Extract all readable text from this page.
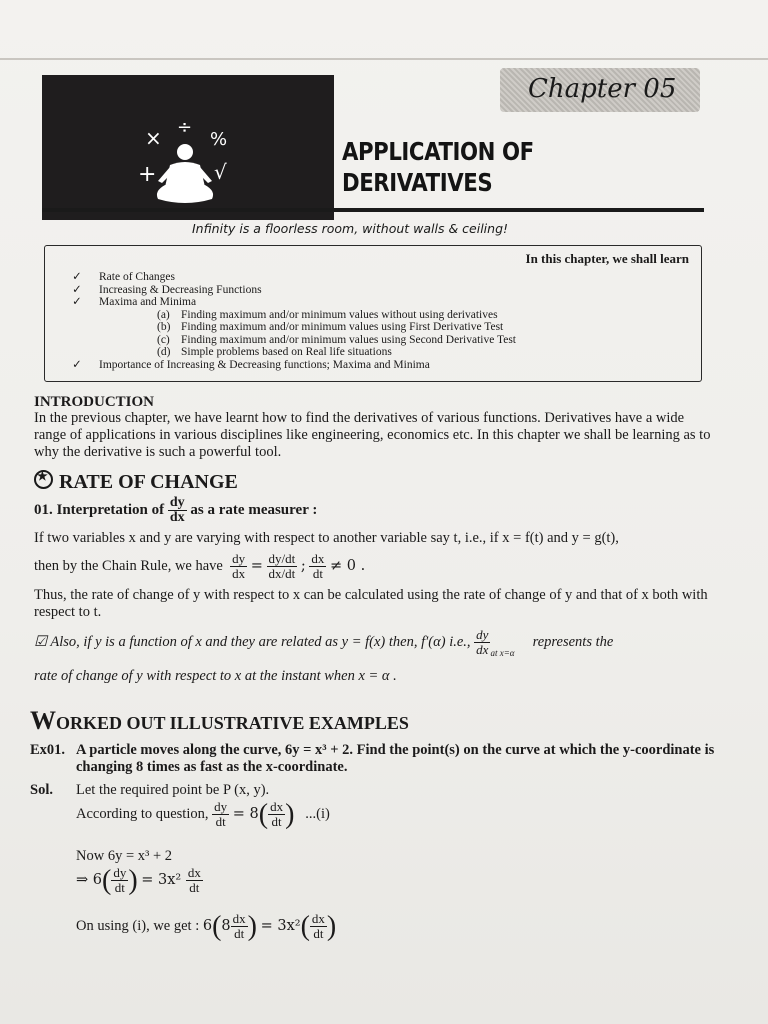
Chapter 05
× ÷
%
+	√
APPLICATION OF
DERIVATIVES
Infinity is a floorless room, without walls & ceiling!
In this chapter, we shall learn
✓ Rate of Changes
✓ Increasing & Decreasing Functions
✓ Maxima and Minima
(a) Finding maximum and/or minimum values without using derivatives
(b) Finding maximum and/or minimum values using First Derivative Test
(c) Finding maximum and/or minimum values using Second Derivative Test
(d) Simple problems based on Real life situations
✓ Importance of Increasing & Decreasing functions; Maxima and Minima
INTRODUCTION
In the previous chapter, we have learnt how to find the derivatives of various functions. Derivatives have a wide range of applications in various disciplines like engineering, economics etc. In this chapter we shall be learning as to why the derivative is such a powerful tool.
★RATE OF CHANGE
01. Interpretation of $\frac{dy}{dx}$ as a rate measurer :
If two variables x and y are varying with respect to another variable say t, i.e., if x = f(t) and y = g(t),
then by the Chain Rule, we have $\frac{dy}{dx} = \frac{dy/dt}{dx/dt}$ ; $\frac{dx}{dt} \ne 0$ .
Thus, the rate of change of y with respect to x can be calculated using the rate of change of y and that of x both with respect to t.
☑ Also, if y is a function of x and they are related as y = f(x) then, f′(α) i.e., $\frac{dy}{dx} _{at x=\alpha}$     represents the
rate of change of y with respect to x at the instant when x = α .
WORKED OUT ILLUSTRATIVE EXAMPLES
Ex01. A particle moves along the curve, 6y = x³ + 2. Find the point(s) on the curve at which the y-coordinate is changing 8 times as fast as the x-coordinate.
Sol. Let the required point be P (x, y).
According to question, $\frac{dy}{dt} = 8( \frac{dx}{dt}$ ) ...(i)
Now 6y = x³ + 2
⇒ $6( \frac{dy}{dt}$ ) = $3x^2 \frac{dx}{dt}$
On using (i), we get : $6(8 \frac{dx}{dt}$ ) = $3x^2( \frac{dx}{dt}$ )
